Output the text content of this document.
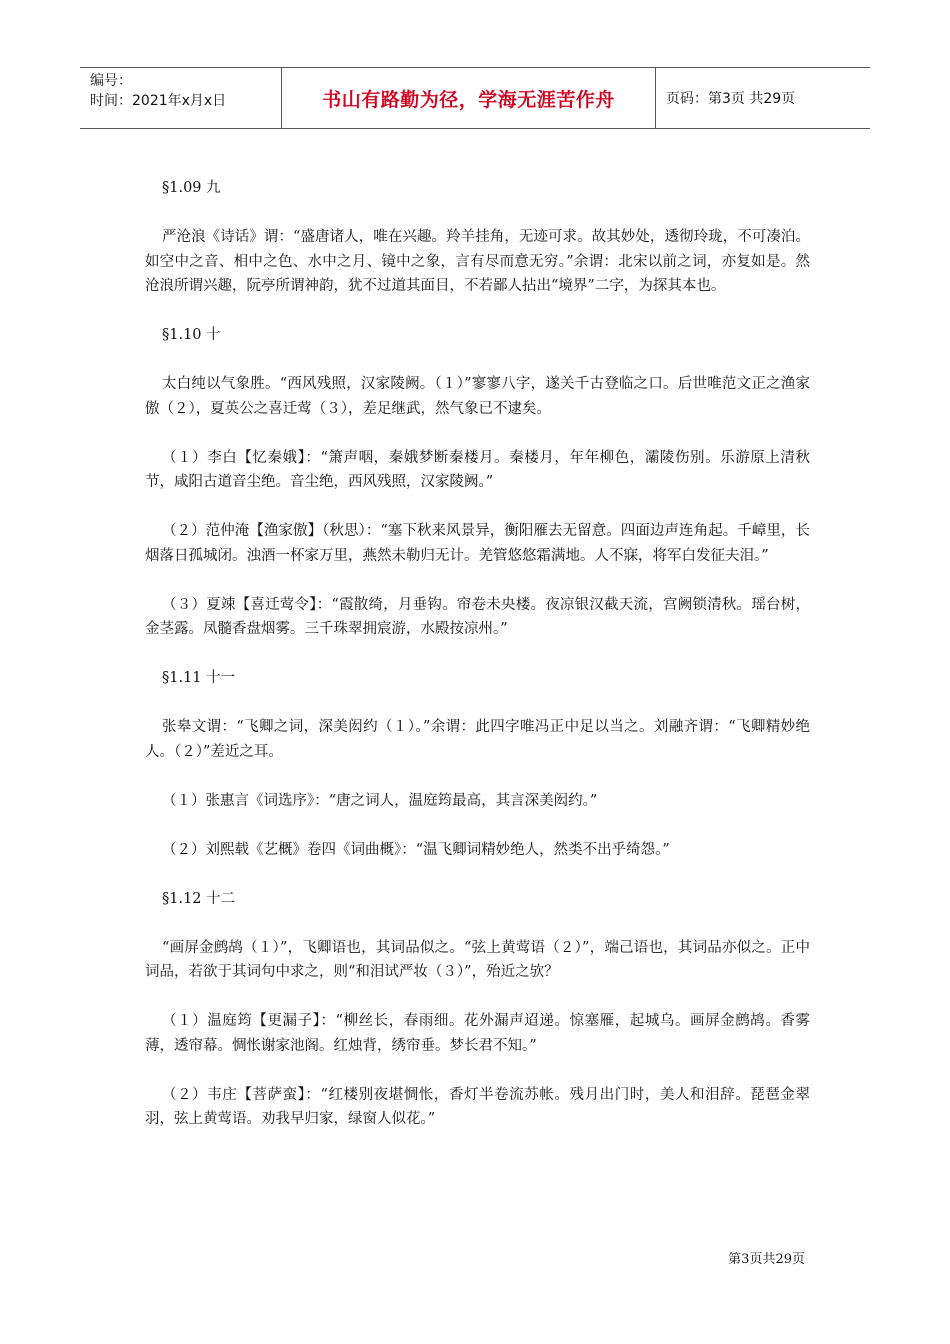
编号：
时间：2021年x月x日	书山有路勤为径，学海无涯苦作舟	页码：第3页 共29页

§1.09 九

严沧浪《诗话》谓：“盛唐诸人，唯在兴趣。羚羊挂角，无迹可求。故其妙处，透彻玲珑，不可凑泊。如空中之音、相中之色、水中之月、镜中之象，言有尽而意无穷。”余谓：北宋以前之词，亦复如是。然沧浪所谓兴趣，阮亭所谓神韵，犹不过道其面目，不若鄙人拈出“境界”二字，为探其本也。

§1.10 十

太白纯以气象胜。“西风残照，汉家陵阙。（１）”寥寥八字，遂关千古登临之口。后世唯范文正之渔家傲（２），夏英公之喜迁莺（３），差足继武，然气象已不逮矣。

（１）李白【忆秦娥】：“箫声咽，秦娥梦断秦楼月。秦楼月，年年柳色，灞陵伤别。乐游原上清秋节，咸阳古道音尘绝。音尘绝，西风残照，汉家陵阙。”

（２）范仲淹【渔家傲】（秋思）：“塞下秋来风景异，衡阳雁去无留意。四面边声连角起。千嶂里，长烟落日孤城闭。浊酒一杯家万里，燕然未勒归无计。羌管悠悠霜满地。人不寐，将军白发征夫泪。”

（３）夏竦【喜迁莺令】：“霞散绮，月垂钩。帘卷未央楼。夜凉银汉截天流，宫阙锁清秋。瑶台树，金茎露。凤髓香盘烟雾。三千珠翠拥宸游，水殿按凉州。”

§1.11 十一

张皋文谓：“飞卿之词，深美闳约（１）。”余谓：此四字唯冯正中足以当之。刘融齐谓：“飞卿精妙绝人。（２）”差近之耳。

（１）张惠言《词选序》：“唐之词人，温庭筠最高，其言深美闳约。”

（２）刘熙载《艺概》卷四《词曲概》：“温飞卿词精妙绝人，然类不出乎绮怨。”

§1.12 十二

“画屏金鹧鸪（１）”，飞卿语也，其词品似之。“弦上黄莺语（２）”，端己语也，其词品亦似之。正中词品，若欲于其词句中求之，则“和泪试严妆（３）”，殆近之欤？

（１）温庭筠【更漏子】：“柳丝长，春雨细。花外漏声迢递。惊塞雁，起城乌。画屏金鹧鸪。香雾薄，透帘幕。惆怅谢家池阁。红烛背，绣帘垂。梦长君不知。”

（２）韦庄【菩萨蛮】：“红楼别夜堪惆怅，香灯半卷流苏帐。残月出门时，美人和泪辞。琵琶金翠羽，弦上黄莺语。劝我早归家，绿窗人似花。”

第3页共29页
